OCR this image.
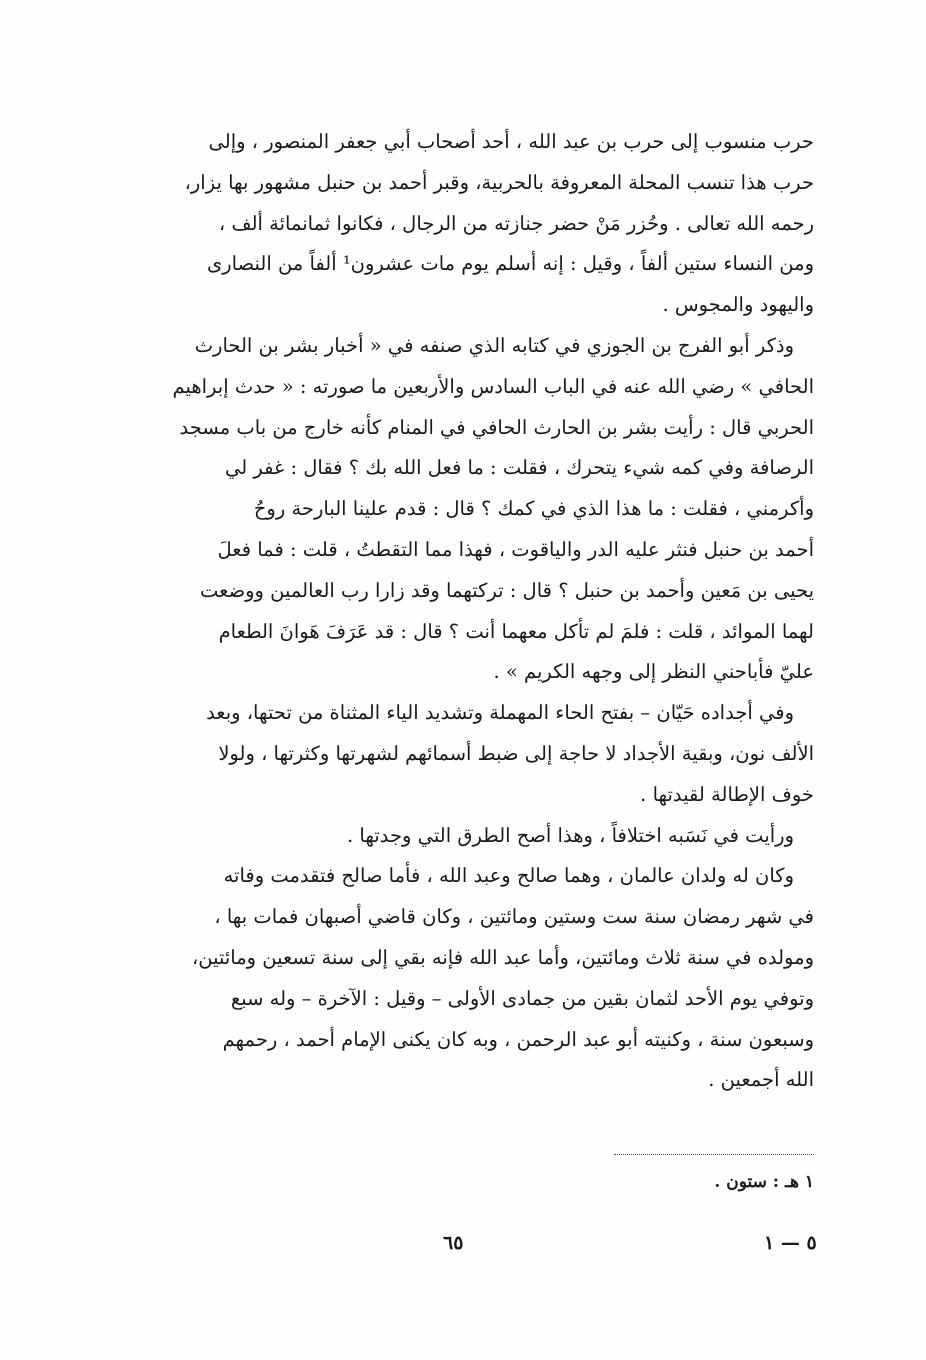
حرب منسوب إلى حرب بن عبد الله ، أحد أصحاب أبي جعفر المنصور ، وإلى
حرب هذا تنسب المحلة المعروفة بالحربية، وقبر أحمد بن حنبل مشهور بها يزار،
رحمه الله تعالى . وحُزر مَنْ حضر جنازته من الرجال ، فكانوا ثمانمائة ألف ،
ومن النساء ستين ألفاً ، وقيل : إنه أسلم يوم مات عشرون¹ ألفاً من النصارى
واليهود والمجوس .
وذكر أبو الفرج بن الجوزي في كتابه الذي صنفه في « أخبار بشر بن الحارث
الحافي » رضي الله عنه في الباب السادس والأربعين ما صورته : « حدث إبراهيم
الحربي قال : رأيت بشر بن الحارث الحافي في المنام كأنه خارج من باب مسجد
الرصافة وفي كمه شيء يتحرك ، فقلت : ما فعل الله بك ؟ فقال : غفر لي
وأكرمني ، فقلت : ما هذا الذي في كمك ؟ قال : قدم علينا البارحة روحُ
أحمد بن حنبل فنثر عليه الدر والياقوت ، فهذا مما التقطتُ ، قلت : فما فعلَ
يحيى بن مَعين وأحمد بن حنبل ؟ قال : تركتهما وقد زارا رب العالمين ووضعت
لهما الموائد ، قلت : فلمَ لم تأكل معهما أنت ؟ قال : قد عَرَفَ هَوانَ الطعام
عليّ فأباحني النظر إلى وجهه الكريم » .
وفي أجداده حَيّان – بفتح الحاء المهملة وتشديد الياء المثناة من تحتها، وبعد
الألف نون، وبقية الأجداد لا حاجة إلى ضبط أسمائهم لشهرتها وكثرتها ، ولولا
خوف الإطالة لقيدتها .
ورأيت في نَسَبه اختلافاً ، وهذا أصح الطرق التي وجدتها .
وكان له ولدان عالمان ، وهما صالح وعبد الله ، فأما صالح فتقدمت وفاته
في شهر رمضان سنة ست وستين ومائتين ، وكان قاضي أصبهان فمات بها ،
ومولده في سنة ثلاث ومائتين، وأما عبد الله فإنه بقي إلى سنة تسعين ومائتين،
وتوفي يوم الأحد لثمان بقين من جمادى الأولى – وقيل : الآخرة – وله سبع
وسبعون سنة ، وكنيته أبو عبد الرحمن ، وبه كان يكنى الإمام أحمد ، رحمهم
الله أجمعين .
١ هـ : ستون .
٦٥	٥ — ١
